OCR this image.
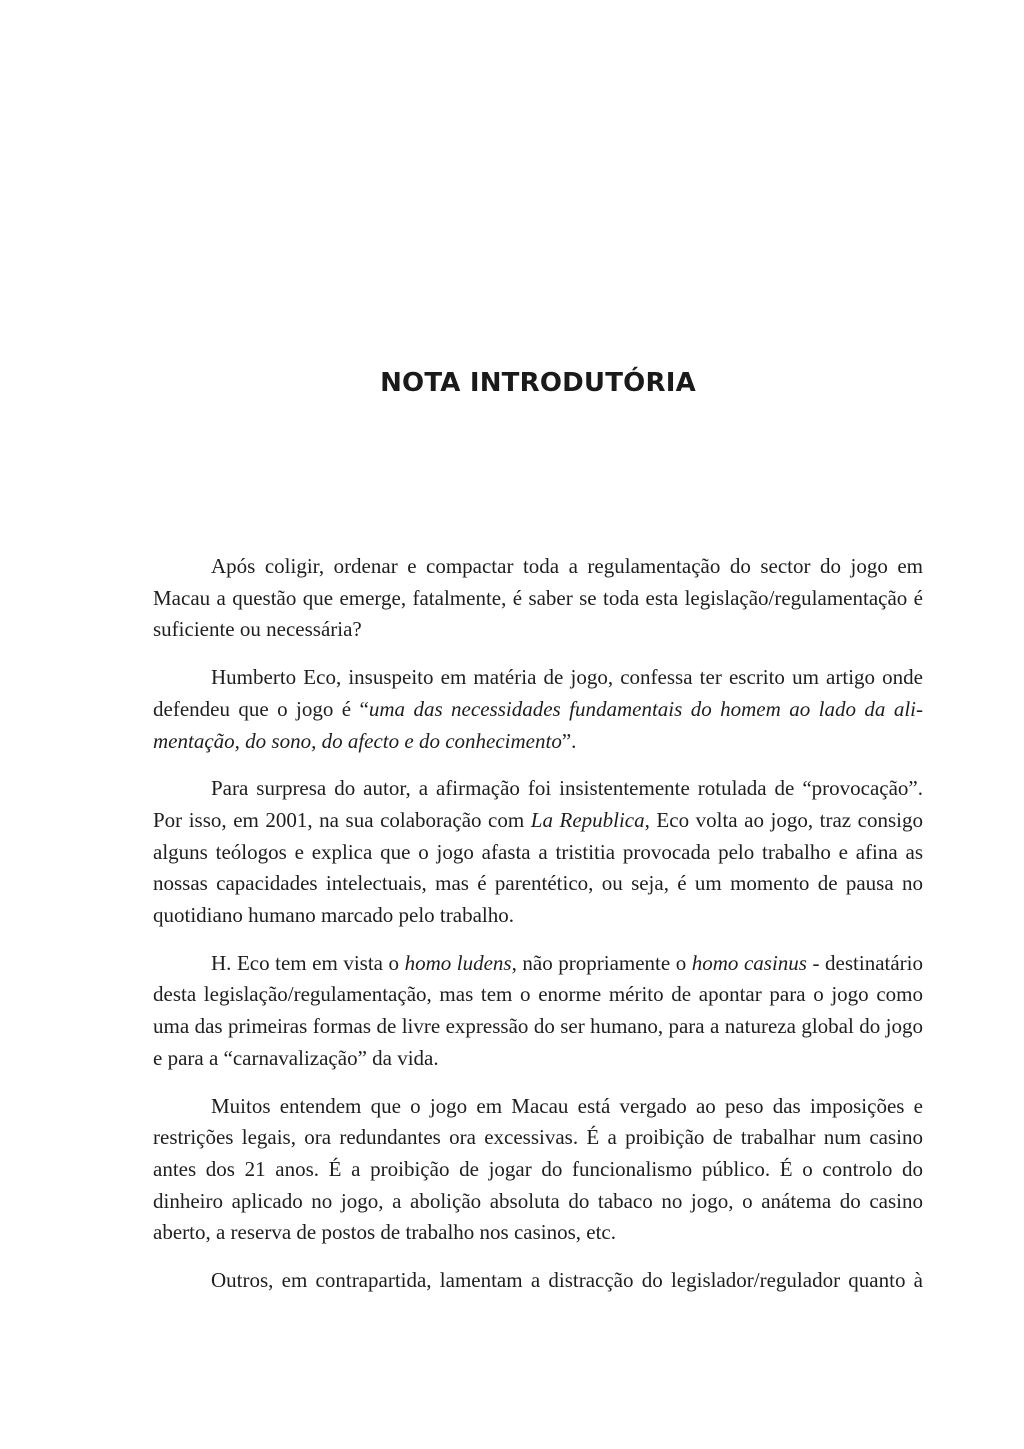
NOTA INTRODUTÓRIA

Após coligir, ordenar e compactar toda a regulamentação do sector do jogo em Macau a questão que emerge, fatalmente, é saber se toda esta legislação/regulamentação é suficiente ou necessária?

Humberto Eco, insuspeito em matéria de jogo, confessa ter escrito um artigo onde defendeu que o jogo é “uma das necessidades fundamentais do homem ao lado da alimentação, do sono, do afecto e do conhecimento”.

Para surpresa do autor, a afirmação foi insistentemente rotulada de “provocação”. Por isso, em 2001, na sua colaboração com La Republica, Eco volta ao jogo, traz consigo alguns teólogos e explica que o jogo afasta a tristitia provocada pelo trabalho e afina as nossas capacidades intelectuais, mas é parentético, ou seja, é um momento de pausa no quotidiano humano marcado pelo trabalho.

H. Eco tem em vista o homo ludens, não propriamente o homo casinus - destinatário desta legislação/regulamentação, mas tem o enorme mérito de apontar para o jogo como uma das primeiras formas de livre expressão do ser humano, para a natureza global do jogo e para a “carnavalização” da vida.

Muitos entendem que o jogo em Macau está vergado ao peso das imposições e restrições legais, ora redundantes ora excessivas. É a proibição de trabalhar num casino antes dos 21 anos. É a proibição de jogar do funcionalismo público. É o controlo do dinheiro aplicado no jogo, a abolição absoluta do tabaco no jogo, o anátema do casino aberto, a reserva de postos de trabalho nos casinos, etc.

Outros, em contrapartida, lamentam a distracção do legislador/regulador quanto à
